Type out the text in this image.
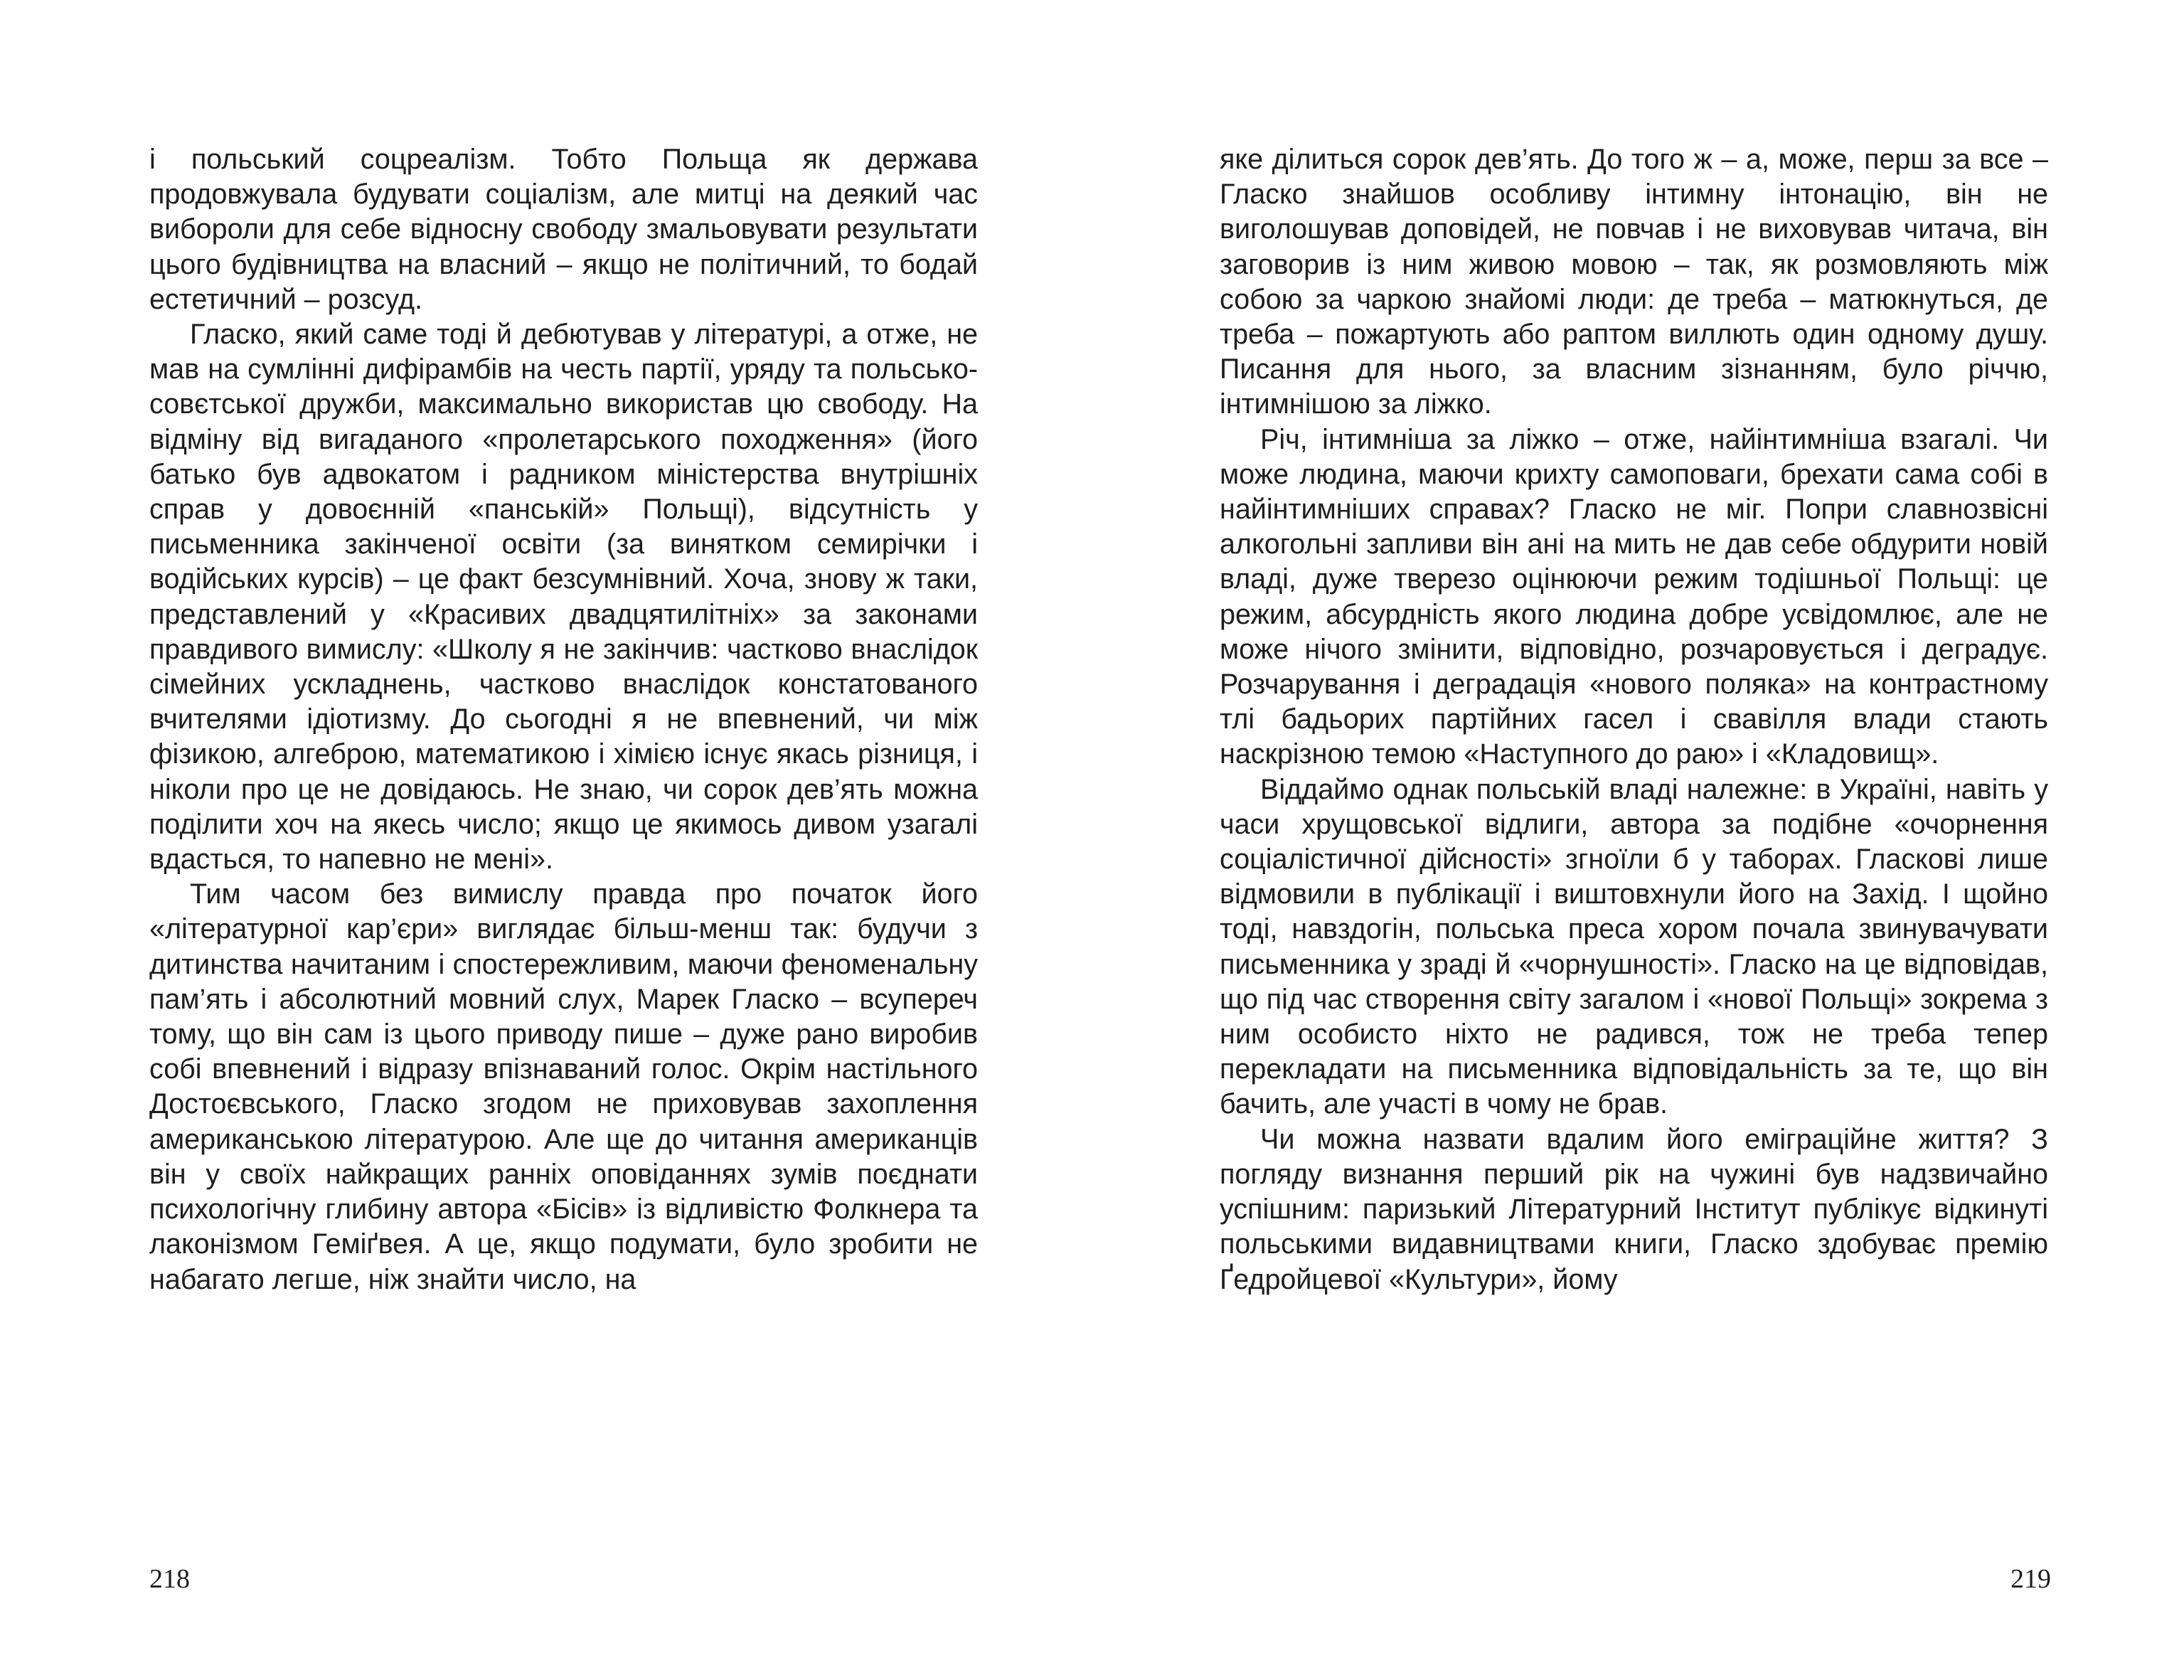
і польський соцреалізм. Тобто Польща як держава продовжувала будувати соціалізм, але митці на деякий час вибороли для себе відносну свободу змальовувати результати цього будівництва на власний – якщо не політичний, то бодай естетичний – розсуд.

Гласко, який саме тоді й дебютував у літературі, а отже, не мав на сумлінні дифірамбів на честь партії, уряду та польсько-совєтської дружби, максимально використав цю свободу. На відміну від вигаданого «пролетарського походження» (його батько був адвокатом і радником міністерства внутрішніх справ у довоєнній «панській» Польщі), відсутність у письменника закінченої освіти (за винятком семирічки і водійських курсів) – це факт безсумнівний. Хоча, знову ж таки, представлений у «Красивих двадцятилітніх» за законами правдивого вимислу: «Школу я не закінчив: частково внаслідок сімейних ускладнень, частково внаслідок констатованого вчителями ідіотизму. До сьогодні я не впевнений, чи між фізикою, алгеброю, математикою і хімією існує якась різниця, і ніколи про це не довідаюсь. Не знаю, чи сорок дев’ять можна поділити хоч на якесь число; якщо це якимось дивом узагалі вдасться, то напевно не мені».

Тим часом без вимислу правда про початок його «літературної кар’єри» виглядає більш-менш так: будучи з дитинства начитаним і спостережливим, маючи феноменальну пам’ять і абсолютний мовний слух, Марек Гласко – всупереч тому, що він сам із цього приводу пише – дуже рано виробив собі впевнений і відразу впізнаваний голос. Окрім настільного Достоєвського, Гласко згодом не приховував захоплення американською літературою. Але ще до читання американців він у своїх найкращих ранніх оповіданнях зумів поєднати психологічну глибину автора «Бісів» із відливістю Фолкнера та лаконізмом Геміґвея. А це, якщо подумати, було зробити не набагато легше, ніж знайти число, на

яке ділиться сорок дев’ять. До того ж – а, може, перш за все – Гласко знайшов особливу інтимну інтонацію, він не виголошував доповідей, не повчав і не виховував читача, він заговорив із ним живою мовою – так, як розмовляють між собою за чаркою знайомі люди: де треба – матюкнуться, де треба – пожартують або раптом виллють один одному душу. Писання для нього, за власним зізнанням, було річчю, інтимнішою за ліжко.

Річ, інтимніша за ліжко – отже, найінтимніша взагалі. Чи може людина, маючи крихту самоповаги, брехати сама собі в найінтимніших справах? Гласко не міг. Попри славнозвісні алкогольні запливи він ані на мить не дав себе обдурити новій владі, дуже тверезо оцінюючи режим тодішньої Польщі: це режим, абсурдність якого людина добре усвідомлює, але не може нічого змінити, відповідно, розчаровується і деградує. Розчарування і деградація «нового поляка» на контрастному тлі бадьорих партійних гасел і свавілля влади стають наскрізною темою «Наступного до раю» і «Кладовищ».

Віддаймо однак польській владі належне: в Україні, навіть у часи хрущовської відлиги, автора за подібне «очорнення соціалістичної дійсності» згноїли б у таборах. Гласкові лише відмовили в публікації і виштовхнули його на Захід. І щойно тоді, навздогін, польська преса хором почала звинувачувати письменника у зраді й «чорнушності». Гласко на це відповідав, що під час створення світу загалом і «нової Польщі» зокрема з ним особисто ніхто не радився, тож не треба тепер перекладати на письменника відповідальність за те, що він бачить, але участі в чому не брав.

Чи можна назвати вдалим його еміграційне життя? З погляду визнання перший рік на чужині був надзвичайно успішним: паризький Літературний Інститут публікує відкинуті польськими видавництвами книги, Гласко здобуває премію Ґедройцевої «Культури», йому

218	219
